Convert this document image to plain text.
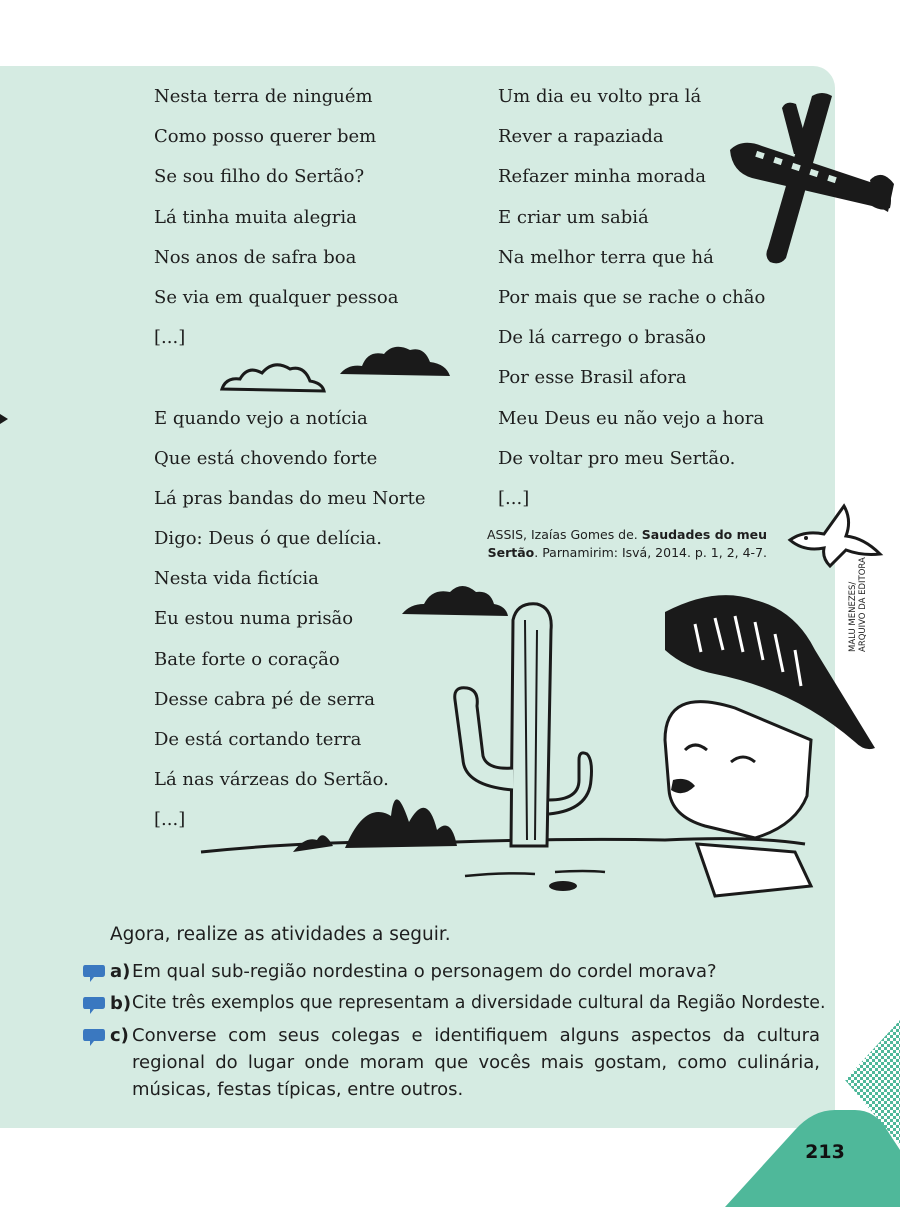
Nesta terra de ninguém
Como posso querer bem
Se sou filho do Sertão?
Lá tinha muita alegria
Nos anos de safra boa
Se via em qualquer pessoa
[...]
E quando vejo a notícia
Que está chovendo forte
Lá pras bandas do meu Norte
Digo: Deus ó que delícia.
Nesta vida fictícia
Eu estou numa prisão
Bate forte o coração
Desse cabra pé de serra
De está cortando terra
Lá nas várzeas do Sertão.
[...]
Um dia eu volto pra lá
Rever a rapaziada
Refazer minha morada
E criar um sabiá
Na melhor terra que há
Por mais que se rache o chão
De lá carrego o brasão
Por esse Brasil afora
Meu Deus eu não vejo a hora
De voltar pro meu Sertão.
[...]
ASSIS, Izaías Gomes de. Saudades do meu
Sertão. Parnamirim: Isvá, 2014. p. 1, 2, 4-7.
MALU MENEZES/ ARQUIVO DA EDITORA
Agora, realize as atividades a seguir.
a) Em qual sub-região nordestina o personagem do cordel morava?
b) Cite três exemplos que representam a diversidade cultural da Região Nordeste.
c) Converse com seus colegas e identifiquem alguns aspectos da cultura regional do lugar onde moram que vocês mais gostam, como culinária, músicas, festas típicas, entre outros.
213
